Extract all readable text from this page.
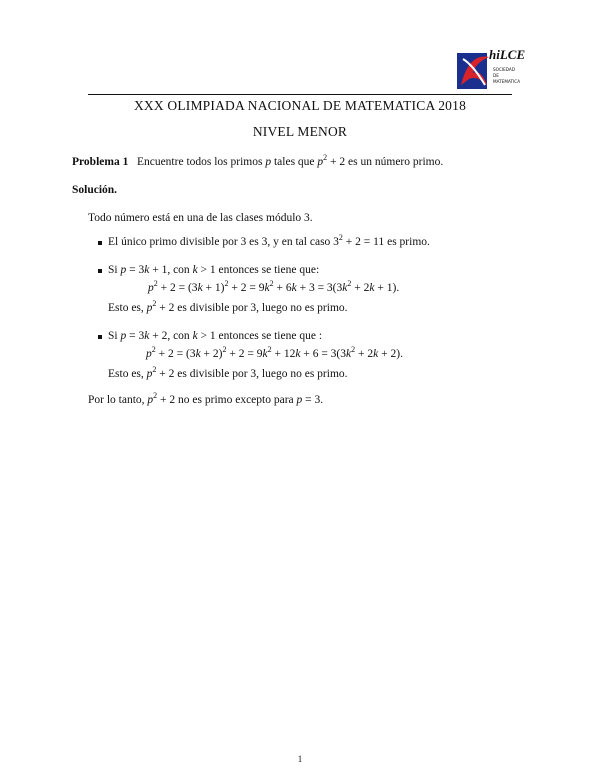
hiLCE
SOCIEDAD
DE
MATEMATICA
XXX OLIMPIADA NACIONAL DE MATEMATICA 2018
NIVEL MENOR
Problema 1 Encuentre todos los primos p tales que $p^2 + 2$ es un número primo.
Solución.
Todo número está en una de las clases módulo 3.
El único primo divisible por 3 es 3, y en tal caso $3^2 + 2 = 11$ es primo.
Si p = 3k + 1, con k > 1 entonces se tiene que:
$p^2 + 2 = (3k + 1)^2 + 2 = 9k^2 + 6k + 3 = 3(3k^2 + 2k + 1)$.
Esto es, $p^2 + 2$ es divisible por 3, luego no es primo.
Si p = 3k + 2, con k > 1 entonces se tiene que :
$p^2 + 2 = (3k + 2)^2 + 2 = 9k^2 + 12k + 6 = 3(3k^2 + 2k + 2)$.
Esto es, $p^2 + 2$ es divisible por 3, luego no es primo.
Por lo tanto, $p^2 + 2$ no es primo excepto para p = 3.
1
